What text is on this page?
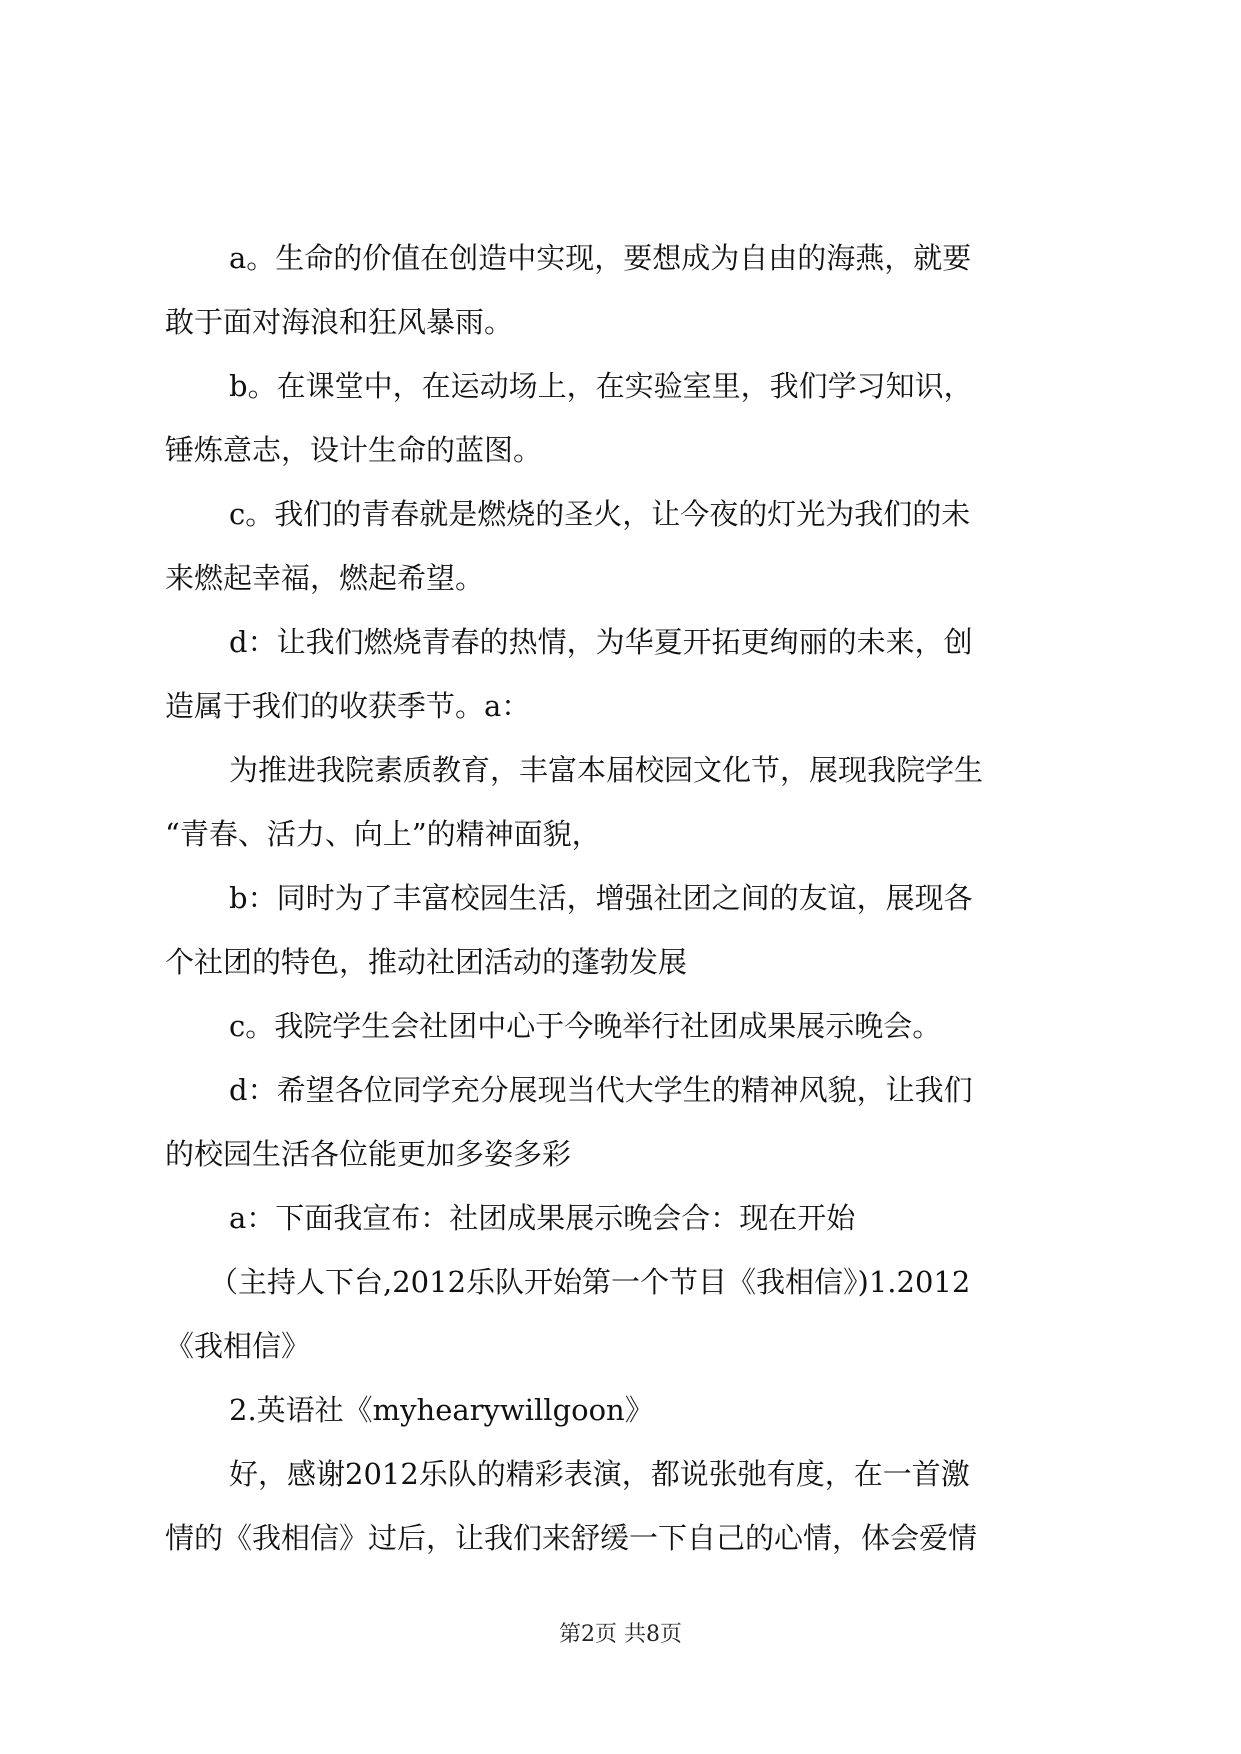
a。生命的价值在创造中实现，要想成为自由的海燕，就要
敢于面对海浪和狂风暴雨。

b。在课堂中，在运动场上，在实验室里，我们学习知识，
锤炼意志，设计生命的蓝图。

c。我们的青春就是燃烧的圣火，让今夜的灯光为我们的未
来燃起幸福，燃起希望。

d：让我们燃烧青春的热情，为华夏开拓更绚丽的未来，创
造属于我们的收获季节。a：

为推进我院素质教育，丰富本届校园文化节，展现我院学生
“青春、活力、向上”的精神面貌，

b：同时为了丰富校园生活，增强社团之间的友谊，展现各
个社团的特色，推动社团活动的蓬勃发展

c。我院学生会社团中心于今晚举行社团成果展示晚会。

d：希望各位同学充分展现当代大学生的精神风貌，让我们
的校园生活各位能更加多姿多彩

a：下面我宣布：社团成果展示晚会合：现在开始

（主持人下台,2012乐队开始第一个节目《我相信》)1.2012
《我相信》

2.英语社《myhearywillgoon》

好，感谢2012乐队的精彩表演，都说张弛有度，在一首激
情的《我相信》过后，让我们来舒缓一下自己的心情，体会爱情

第2页 共8页
